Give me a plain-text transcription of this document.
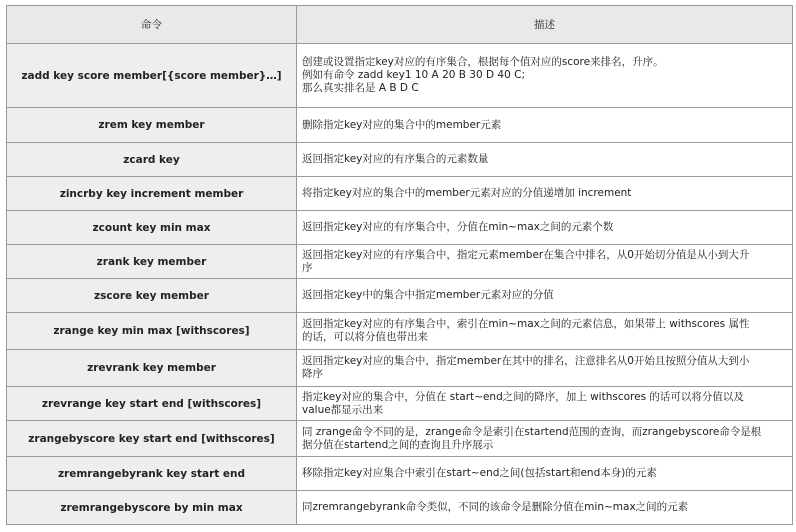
命令	描述
zadd key score member[{score member}…]	创建或设置指定key对应的有序集合，根据每个值对应的score来排名，升序。
例如有命令 zadd key1 10 A 20 B 30 D 40 C;
那么真实排名是 A B D C

zrem key member	删除指定key对应的集合中的member元素

zcard key	返回指定key对应的有序集合的元素数量

zincrby key increment member	将指定key对应的集合中的member元素对应的分值递增加 increment

zcount key min max	返回指定key对应的有序集合中，分值在min~max之间的元素个数

zrank key member	返回指定key对应的有序集合中，指定元素member在集合中排名，从0开始切分值是从小到大升
序

zscore key member	返回指定key中的集合中指定member元素对应的分值

zrange key min max [withscores]	返回指定key对应的有序集合中，索引在min~max之间的元素信息，如果带上 withscores 属性
的话，可以将分值也带出来

zrevrank key member	返回指定key对应的集合中，指定member在其中的排名，注意排名从0开始且按照分值从大到小
降序

zrevrange key start end [withscores]	指定key对应的集合中，分值在 start~end之间的降序，加上 withscores 的话可以将分值以及
value都显示出来

zrangebyscore key start end [withscores]	同 zrange命令不同的是，zrange命令是索引在startend范围的查询，而zrangebyscore命令是根
据分值在startend之间的查询且升序展示

zremrangebyrank key start end	移除指定key对应集合中索引在start~end之间(包括start和end本身)的元素

zremrangebyscore by min max	同zremrangebyrank命令类似，不同的该命令是删除分值在min~max之间的元素
